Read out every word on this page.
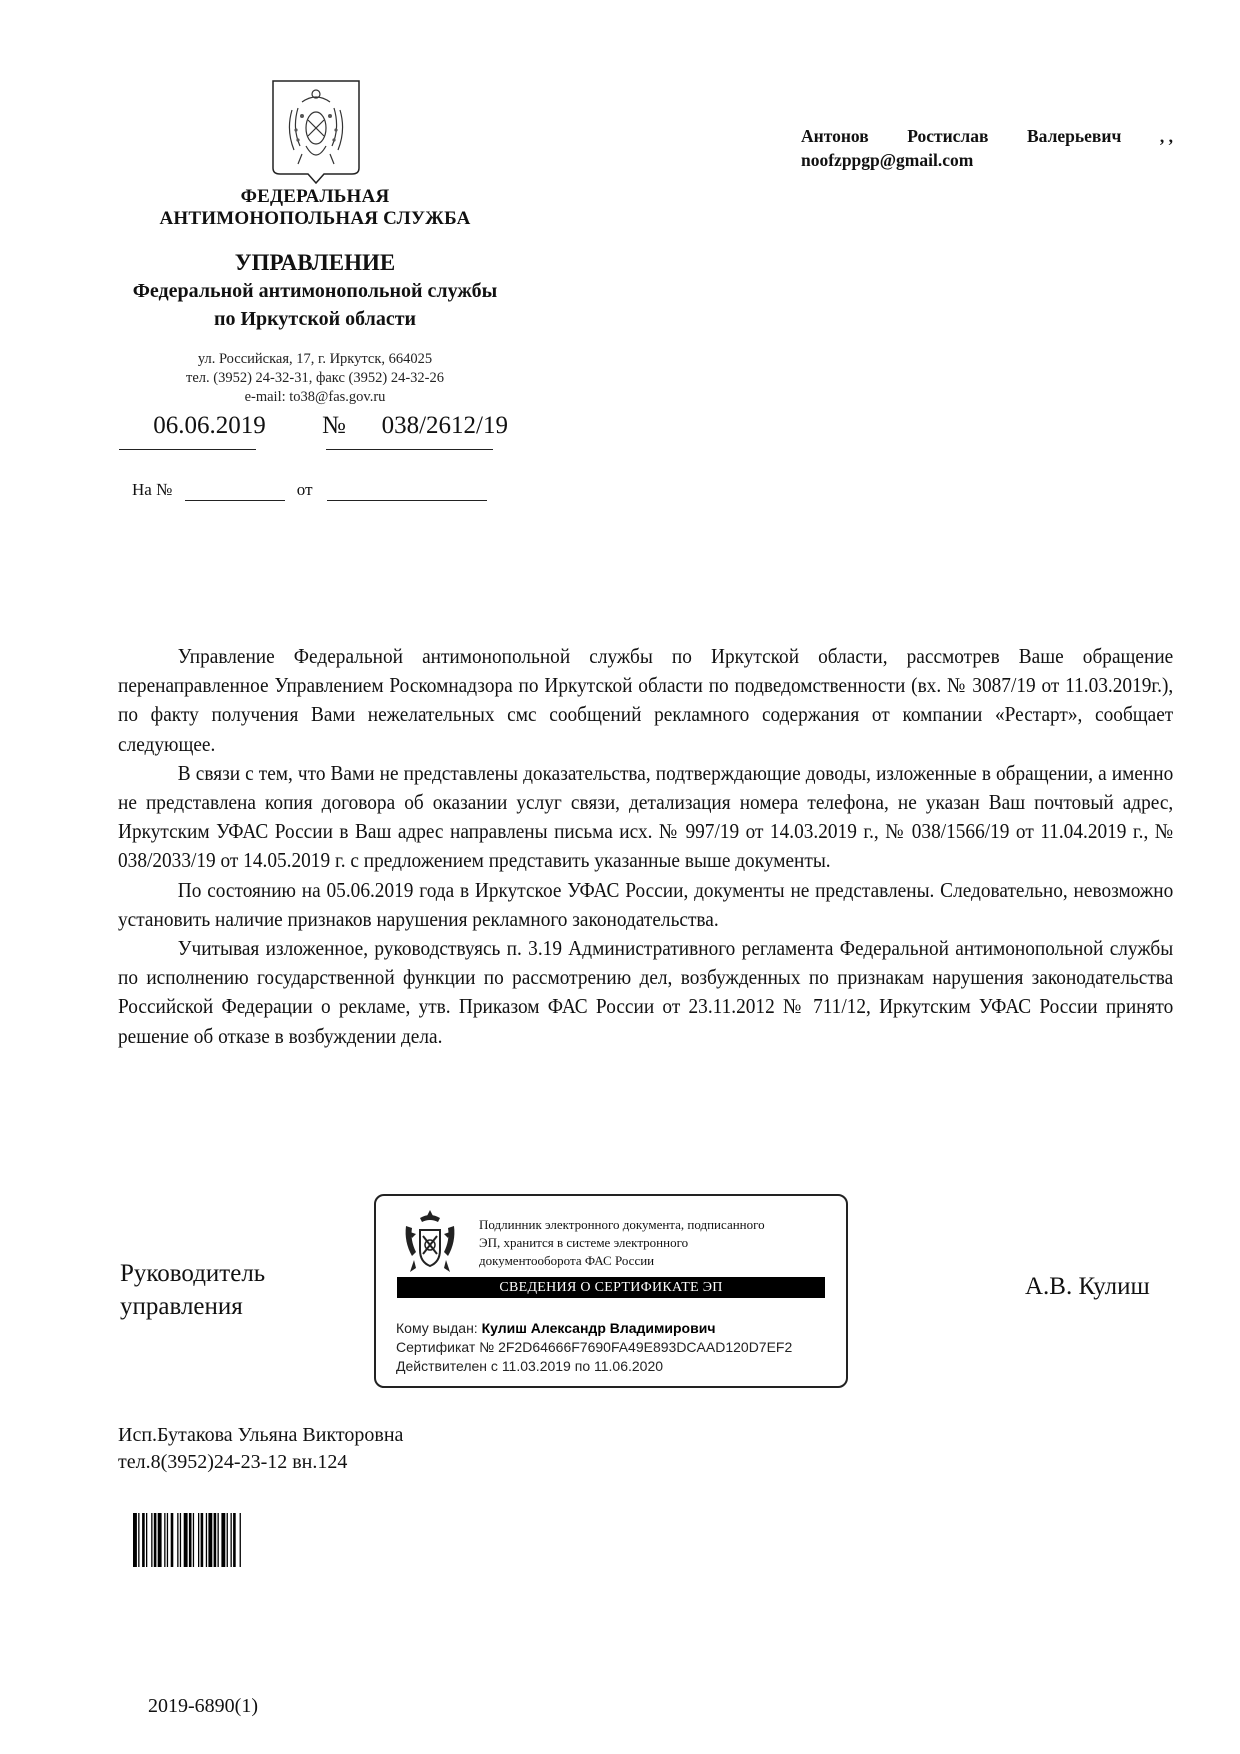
ФЕДЕРАЛЬНАЯ
АНТИМОНОПОЛЬНАЯ СЛУЖБА
УПРАВЛЕНИЕ
Федеральной антимонопольной службы
по Иркутской области
ул. Российская, 17, г. Иркутск, 664025
тел. (3952) 24-32-31, факс (3952) 24-32-26
e-mail: to38@fas.gov.ru
06.06.2019	№	038/2612/19
На №	от
Антонов Ростислав Валерьевич , ,
noofzppgp@gmail.com

Управление Федеральной антимонопольной службы по Иркутской области, рассмотрев Ваше обращение перенаправленное Управлением Роскомнадзора по Иркутской области по подведомственности (вх. № 3087/19 от 11.03.2019г.), по факту получения Вами нежелательных смс сообщений рекламного содержания от компании «Рестарт», сообщает следующее.

В связи с тем, что Вами не представлены доказательства, подтверждающие доводы, изложенные в обращении, а именно не представлена копия договора об оказании услуг связи, детализация номера телефона, не указан Ваш почтовый адрес, Иркутским УФАС России в Ваш адрес направлены письма исх. № 997/19 от 14.03.2019 г., № 038/1566/19 от 11.04.2019 г., № 038/2033/19 от 14.05.2019 г. с предложением представить указанные выше документы.

По состоянию на 05.06.2019 года в Иркутское УФАС России, документы не представлены. Следовательно, невозможно установить наличие признаков нарушения рекламного законодательства.

Учитывая изложенное, руководствуясь п. 3.19 Административного регламента Федеральной антимонопольной службы по исполнению государственной функции по рассмотрению дел, возбужденных по признакам нарушения законодательства Российской Федерации о рекламе, утв. Приказом ФАС России от 23.11.2012 № 711/12, Иркутским УФАС России принято решение об отказе в возбуждении дела.

Руководитель
управления
А.В. Кулиш
Подлинник электронного документа, подписанного
ЭП, хранится в системе электронного
документооборота ФАС России
СВЕДЕНИЯ О СЕРТИФИКАТЕ ЭП
Кому выдан: Кулиш Александр Владимирович
Сертификат № 2F2D64666F7690FA49E893DCAAD120D7EF2
Действителен с 11.03.2019 по 11.06.2020
Исп.Бутакова Ульяна Викторовна
тел.8(3952)24-23-12 вн.124
2019-6890(1)
